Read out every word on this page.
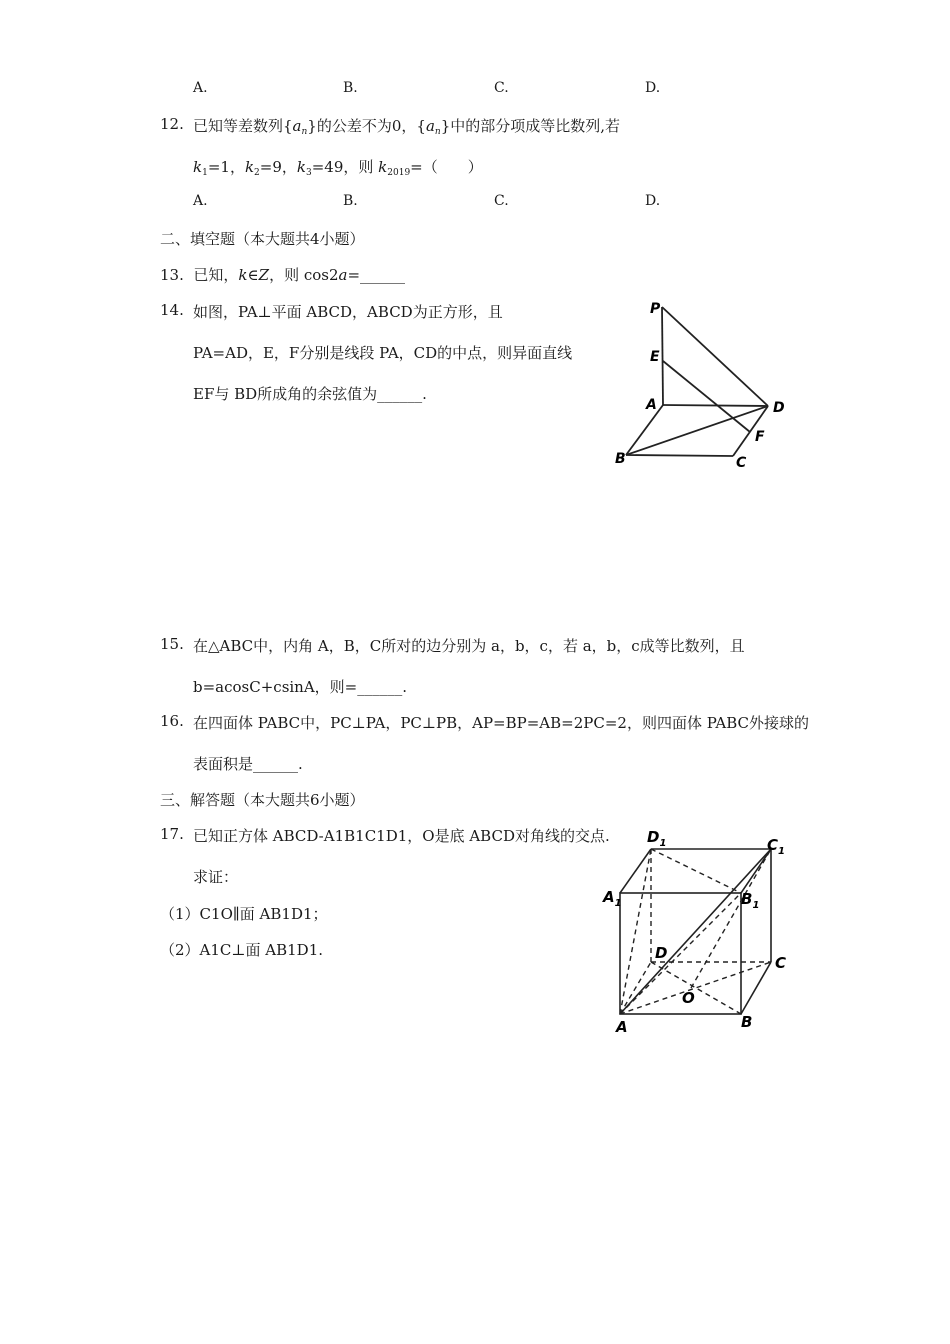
A.	B.	C.	D.
12. 已知等差数列$\{a_n\}$的公差不为0，$\{a_n\}$中的部分项成等比数列,若
$k_1=1$，$k_2=9$，$k_3=49$，则 $k_{2019}=$（　　）
A.	B.	C.	D.
二、填空题（本大题共4小题）
13. 已知，k∈Z，则 cos2a=______
14. 如图，PA⊥平面 ABCD，ABCD为正方形，且
PA=AD，E，F分别是线段 PA，CD的中点，则异面直线
EF与 BD所成角的余弦值为______.
P
E
A	D
F
B	C
15. 在△ABC中，内角 A，B，C所对的边分别为 a，b，c，若 a，b，c成等比数列，且
b=acosC+csinA，则=______.
16. 在四面体 PABC中，PC⊥PA，PC⊥PB，AP=BP=AB=2PC=2，则四面体 PABC外接球的
表面积是______.
三、解答题（本大题共6小题）
17. 已知正方体 ABCD-A1B1C1D1，O是底 ABCD对角线的交点.
求证：
（1）C1O∥面 AB1D1；
（2）A1C⊥面 AB1D1.
$D_1$	$C_1$
$A_1$	$B_1$
D
C
O
A	B
